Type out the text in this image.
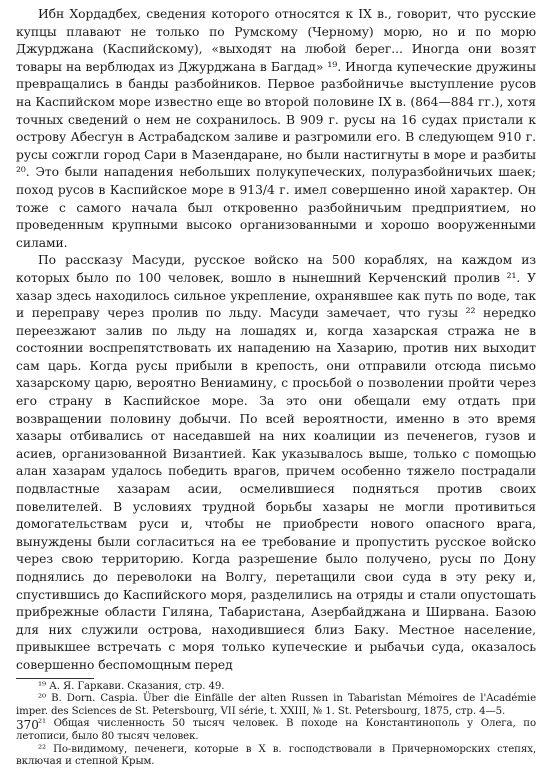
Ибн Хордадбех, сведения которого относятся к IX в., говорит, что русские купцы плавают не только по Румскому (Черному) морю, но и по морю Джурджана (Каспийскому), «выходят на любой берег... Иногда они возят товары на верблюдах из Джурджана в Багдад» ¹⁹. Иногда купеческие дружины превращались в банды разбойников. Первое разбойничье выступление русов на Каспийском море известно еще во второй половине IX в. (864—884 гг.), хотя точных сведений о нем не сохранилось. В 909 г. русы на 16 судах пристали к острову Абесгун в Астрабадском заливе и разгромили его. В следующем 910 г. русы сожгли город Сари в Мазендаране, но были настигнуты в море и разбиты ²⁰. Это были нападения небольших полукупеческих, полуразбойничьих шаек; поход русов в Каспийское море в 913/4 г. имел совершенно иной характер. Он тоже с самого начала был откровенно разбойничьим предприятием, но проведенным крупными высоко организованными и хорошо вооруженными силами.

По рассказу Масуди, русское войско на 500 кораблях, на каждом из которых было по 100 человек, вошло в нынешний Керченский пролив ²¹. У хазар здесь находилось сильное укрепление, охранявшее как путь по воде, так и переправу через пролив по льду. Масуди замечает, что гузы ²² нередко переезжают залив по льду на лошадях и, когда хазарская стража не в состоянии воспрепятствовать их нападению на Хазарию, против них выходит сам царь. Когда русы прибыли в крепость, они отправили отсюда письмо хазарскому царю, вероятно Вениамину, с просьбой о позволении пройти через его страну в Каспийское море. За это они обещали ему отдать при возвращении половину добычи. По всей вероятности, именно в это время хазары отбивались от наседавшей на них коалиции из печенегов, гузов и асиев, организованной Византией. Как указывалось выше, только с помощью алан хазарам удалось победить врагов, причем особенно тяжело пострадали подвластные хазарам асии, осмелившиеся подняться против своих повелителей. В условиях трудной борьбы хазары не могли противиться домогательствам руси и, чтобы не приобрести нового опасного врага, вынуждены были согласиться на ее требование и пропустить русское войско через свою территорию. Когда разрешение было получено, русы по Дону поднялись до переволоки на Волгу, перетащили свои суда в эту реку и, спустившись до Каспийского моря, разделились на отряды и стали опустошать прибрежные области Гиляна, Табаристана, Азербайджана и Ширвана. Базою для них служили острова, находившиеся близ Баку. Местное население, привыкшее встречать с моря только купеческие и рыбачьи суда, оказалось совершенно беспомощным перед

¹⁹ А. Я. Гаркави. Сказания, стр. 49.

²⁰ B. Dorn. Caspia. Über die Einfälle der alten Russen in Tabaristan Mémoires de l'Académie imper. des Sciences de St. Petersbourg, VII série, t. XXIII, № 1. St. Petersbourg, 1875, стр. 4—5.

²¹ Общая численность 50 тысяч человек. В походе на Константинополь у Олега, по летописи, было 80 тысяч человек.

²² По-видимому, печенеги, которые в X в. господствовали в Причерноморских степях, включая и степной Крым.

370
